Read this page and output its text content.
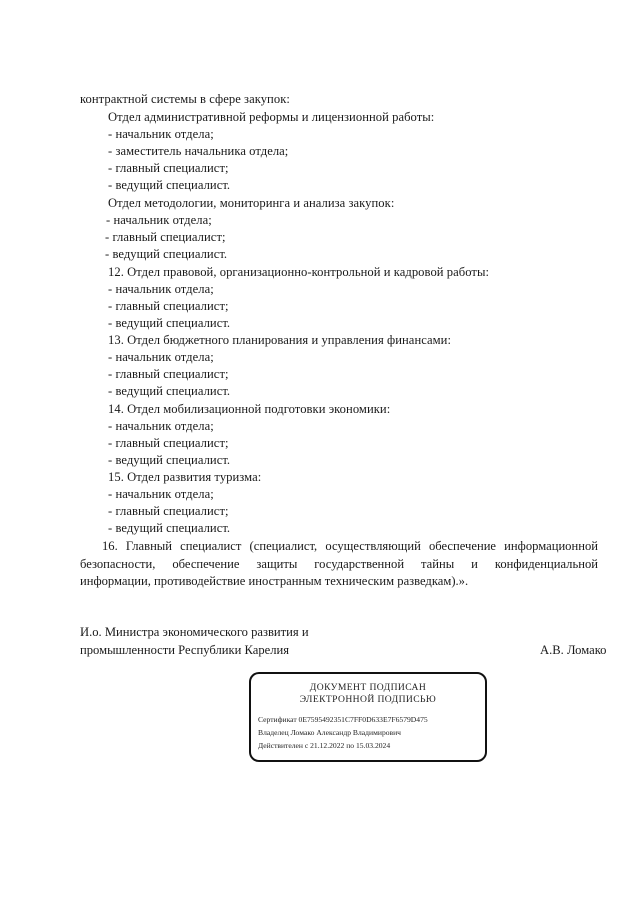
контрактной системы в сфере закупок:
Отдел административной реформы и лицензионной работы:
- начальник отдела;
- заместитель начальника отдела;
- главный специалист;
- ведущий специалист.
Отдел методологии, мониторинга и анализа закупок:
- начальник отдела;
- главный специалист;
- ведущий специалист.
12. Отдел правовой, организационно-контрольной и кадровой работы:
- начальник отдела;
- главный специалист;
- ведущий специалист.
13. Отдел бюджетного планирования и управления финансами:
- начальник отдела;
- главный специалист;
- ведущий специалист.
14. Отдел мобилизационной подготовки экономики:
- начальник отдела;
- главный специалист;
- ведущий специалист.
15. Отдел развития туризма:
- начальник отдела;
- главный специалист;
- ведущий специалист.
16. Главный специалист (специалист, осуществляющий обеспечение информационной
безопасности, обеспечение защиты государственной тайны и конфиденциальной
информации, противодействие иностранным техническим разведкам).».
И.о. Министра экономического развития и
промышленности Республики Карелия	А.В. Ломако
ДОКУМЕНТ ПОДПИСАН
ЭЛЕКТРОННОЙ ПОДПИСЬЮ
Сертификат 0E7595492351C7FF0D633E7F6579D475
Владелец Ломако Александр Владимирович
Действителен с 21.12.2022 по 15.03.2024
